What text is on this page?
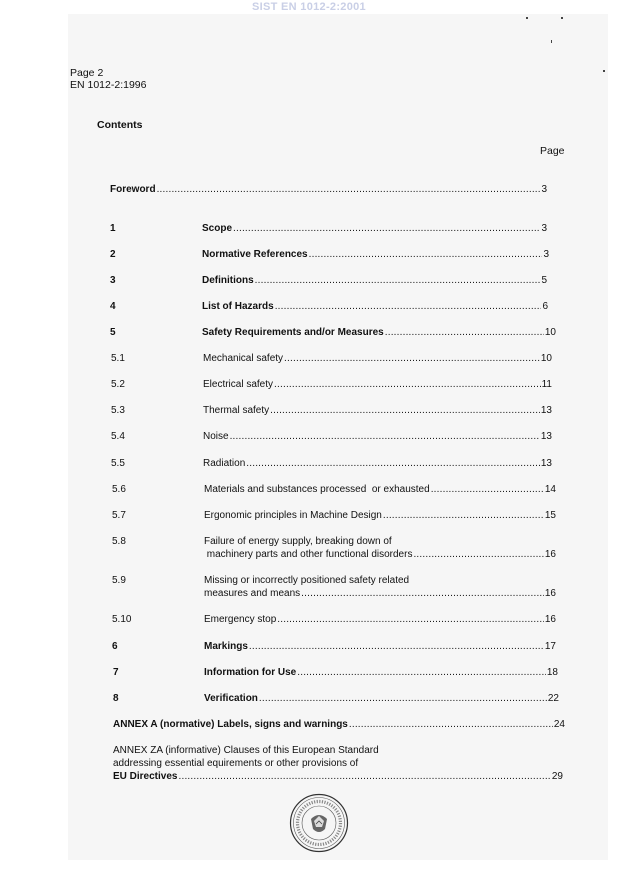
SIST EN 1012-2:2001
Page 2
EN 1012-2:1996
Contents
Page
Foreword .....	3
1	Scope .....	3
2	Normative References .....	3
3	Definitions .....	5
4	List of Hazards .....	6
5	Safety Requirements and/or Measures .....	10
5.1	Mechanical safety .....	10
5.2	Electrical safety .....	11
5.3	Thermal safety .....	13
5.4	Noise .....	13
5.5	Radiation .....	13
5.6	Materials and substances processed  or exhausted .....	14
5.7	Ergonomic principles in Machine Design .....	15
5.8	Failure of energy supply, breaking down of
machinery parts and other functional disorders .....	16
5.9	Missing or incorrectly positioned safety related
measures and means .....	16
5.10	Emergency stop .....	16
6	Markings .....	17
7	Information for Use .....	18
8	Verification .....	22
ANNEX A (normative) Labels, signs and warnings .....	24
ANNEX ZA (informative) Clauses of this European Standard
addressing essential equirements or other provisions of
EU Directives .....	29
